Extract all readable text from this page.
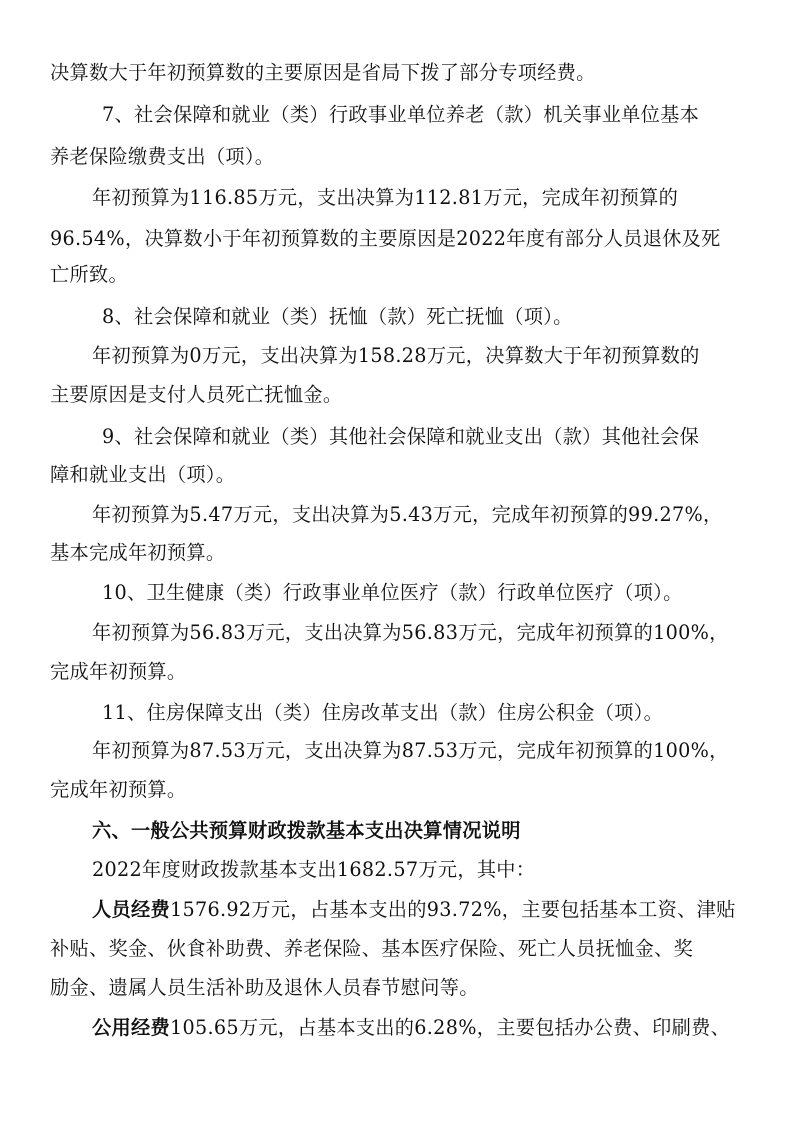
决算数大于年初预算数的主要原因是省局下拨了部分专项经费。
7、社会保障和就业（类）行政事业单位养老（款）机关事业单位基本
养老保险缴费支出（项）。
年初预算为116.85万元，支出决算为112.81万元，完成年初预算的
96.54%，决算数小于年初预算数的主要原因是2022年度有部分人员退休及死
亡所致。
8、社会保障和就业（类）抚恤（款）死亡抚恤（项）。
年初预算为0万元，支出决算为158.28万元，决算数大于年初预算数的
主要原因是支付人员死亡抚恤金。
9、社会保障和就业（类）其他社会保障和就业支出（款）其他社会保
障和就业支出（项）。
年初预算为5.47万元，支出决算为5.43万元，完成年初预算的99.27%，
基本完成年初预算。
10、卫生健康（类）行政事业单位医疗（款）行政单位医疗（项）。
年初预算为56.83万元，支出决算为56.83万元，完成年初预算的100%，
完成年初预算。
11、住房保障支出（类）住房改革支出（款）住房公积金（项）。
年初预算为87.53万元，支出决算为87.53万元，完成年初预算的100%，
完成年初预算。
六、一般公共预算财政拨款基本支出决算情况说明
2022年度财政拨款基本支出1682.57万元，其中：
人员经费1576.92万元，占基本支出的93.72%，主要包括基本工资、津贴
补贴、奖金、伙食补助费、养老保险、基本医疗保险、死亡人员抚恤金、奖
励金、遗属人员生活补助及退休人员春节慰问等。
公用经费105.65万元，占基本支出的6.28%，主要包括办公费、印刷费、
